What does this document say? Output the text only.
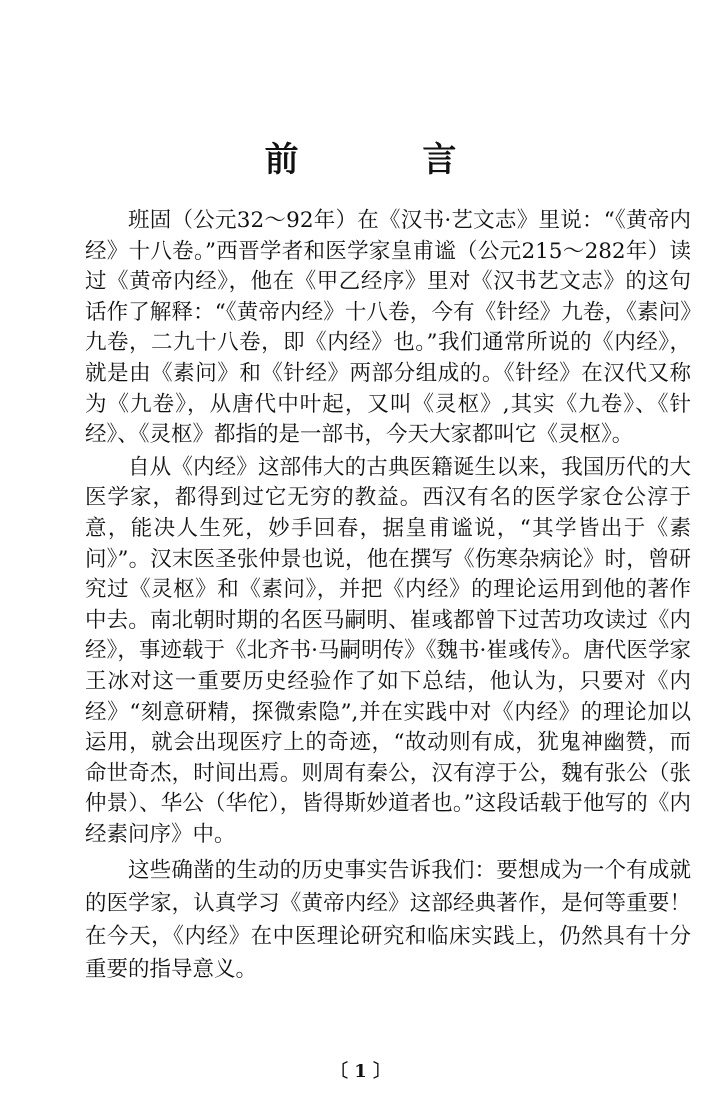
前 言

班固（公元32～92年）在《汉书·艺文志》里说：“《黄帝内经》十八卷。”西晋学者和医学家皇甫谧（公元215～282年）读过《黄帝内经》，他在《甲乙经序》里对《汉书艺文志》的这句话作了解释：“《黄帝内经》十八卷，今有《针经》九卷，《素问》九卷，二九十八卷，即《内经》也。”我们通常所说的《内经》，就是由《素问》和《针经》两部分组成的。《针经》在汉代又称为《九卷》，从唐代中叶起，又叫《灵枢》,其实《九卷》、《针经》、《灵枢》都指的是一部书，今天大家都叫它《灵枢》。

自从《内经》这部伟大的古典医籍诞生以来，我国历代的大医学家，都得到过它无穷的教益。西汉有名的医学家仓公淳于意，能决人生死，妙手回春，据皇甫谧说，“其学皆出于《素问》”。汉末医圣张仲景也说，他在撰写《伤寒杂病论》时，曾研究过《灵枢》和《素问》，并把《内经》的理论运用到他的著作中去。南北朝时期的名医马嗣明、崔彧都曾下过苦功攻读过《内经》，事迹载于《北齐书·马嗣明传》《魏书·崔彧传》。唐代医学家王冰对这一重要历史经验作了如下总结，他认为，只要对《内经》“刻意研精，探微索隐”,并在实践中对《内经》的理论加以运用，就会出现医疗上的奇迹，“故动则有成，犹鬼神幽赞，而命世奇杰，时间出焉。则周有秦公，汉有淳于公，魏有张公（张仲景）、华公（华佗），皆得斯妙道者也。”这段话载于他写的《内经素问序》中。

这些确凿的生动的历史事实告诉我们：要想成为一个有成就的医学家，认真学习《黄帝内经》这部经典著作，是何等重要！在今天，《内经》在中医理论研究和临床实践上，仍然具有十分重要的指导意义。

〔 1 〕
